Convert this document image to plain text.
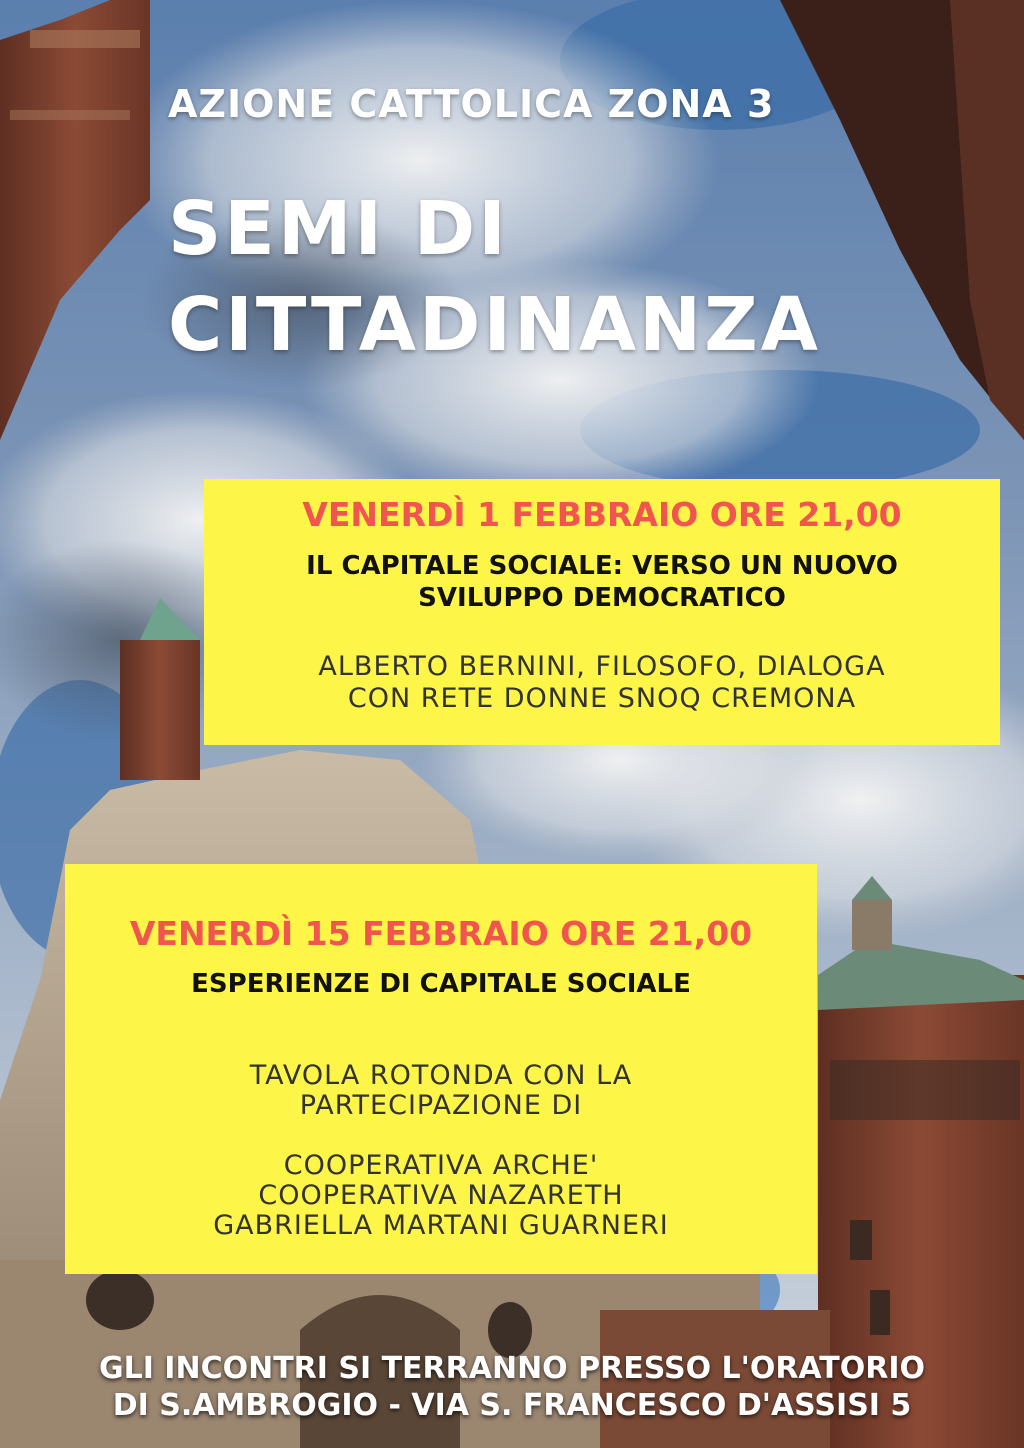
AZIONE CATTOLICA ZONA 3
SEMI DI
CITTADINANZA
VENERDÌ 1 FEBBRAIO ORE 21,00
IL CAPITALE SOCIALE: VERSO UN NUOVO
SVILUPPO DEMOCRATICO
ALBERTO BERNINI, FILOSOFO, DIALOGA
CON RETE DONNE SNOQ CREMONA
VENERDÌ 15 FEBBRAIO ORE 21,00
ESPERIENZE DI CAPITALE SOCIALE
TAVOLA ROTONDA CON LA
PARTECIPAZIONE DI
COOPERATIVA ARCHE'
COOPERATIVA NAZARETH
GABRIELLA MARTANI GUARNERI
GLI INCONTRI SI TERRANNO PRESSO L'ORATORIO
DI S.AMBROGIO - VIA S. FRANCESCO D'ASSISI 5
